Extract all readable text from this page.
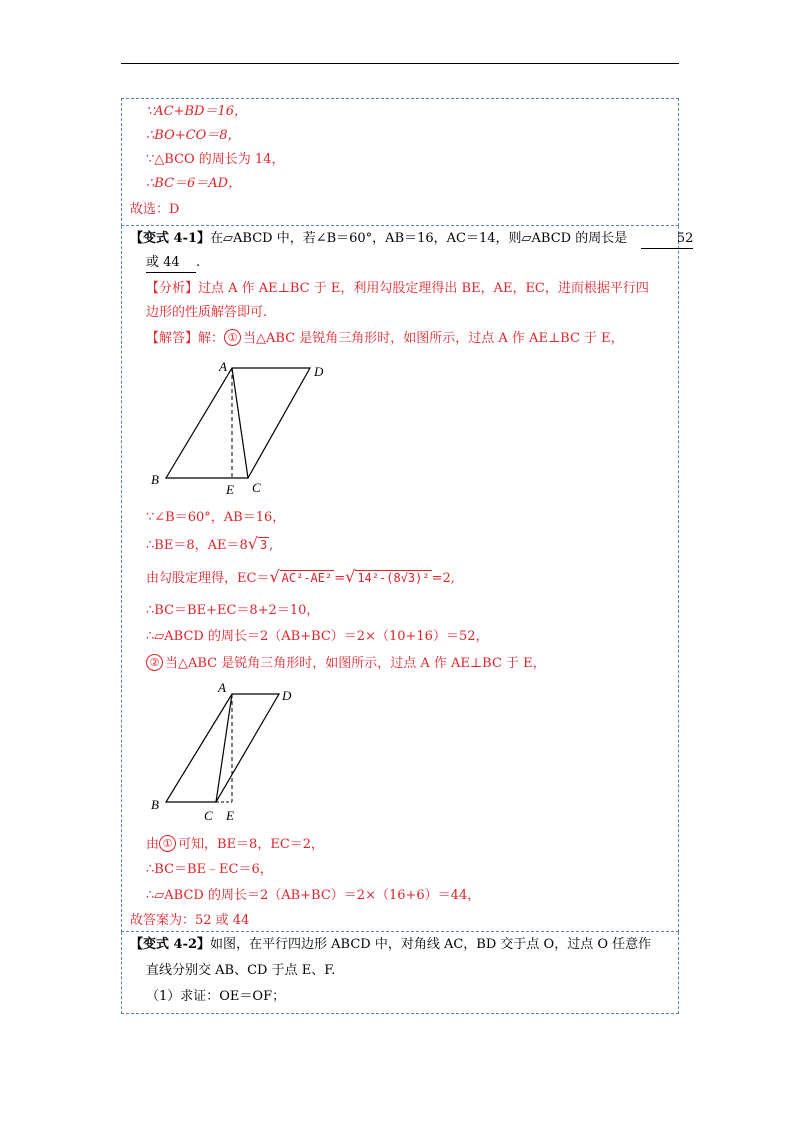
∵AC+BD＝16，
∴BO+CO＝8，
∵△BCO 的周长为 14，
∴BC＝6＝AD，
故选：D
【变式 4-1】在▱ABCD 中，若∠B＝60°，AB＝16，AC＝14，则▱ABCD 的周长是	52
或 44 .
【分析】过点 A 作 AE⊥BC 于 E，利用勾股定理得出 BE，AE，EC，进而根据平行四
边形的性质解答即可.
【解答】解： ① 当△ABC 是锐角三角形时，如图所示，过点 A 作 AE⊥BC 于 E，
A	D
B
E C
∵∠B＝60°，AB＝16，
∴BE＝8，AE＝8√ 3 ,
由勾股定理得，EC＝√ AC²-AE² =√ 14²-(8√3)² =2,
∴BC＝BE+EC＝8+2＝10，
∴▱ABCD 的周长＝2（AB+BC）＝2×（10+16）＝52，
② 当△ABC 是锐角三角形时，如图所示，过点 A 作 AE⊥BC 于 E，
A
D
B
C E
由 ① 可知，BE＝8，EC＝2，
∴BC＝BE﹣EC＝6，
∴▱ABCD 的周长＝2（AB+BC）＝2×（16+6）＝44，
故答案为：52 或 44
【变式 4-2】如图，在平行四边形 ABCD 中，对角线 AC，BD 交于点 O，过点 O 任意作
直线分别交 AB、CD 于点 E、F.
（1）求证：OE＝OF；
